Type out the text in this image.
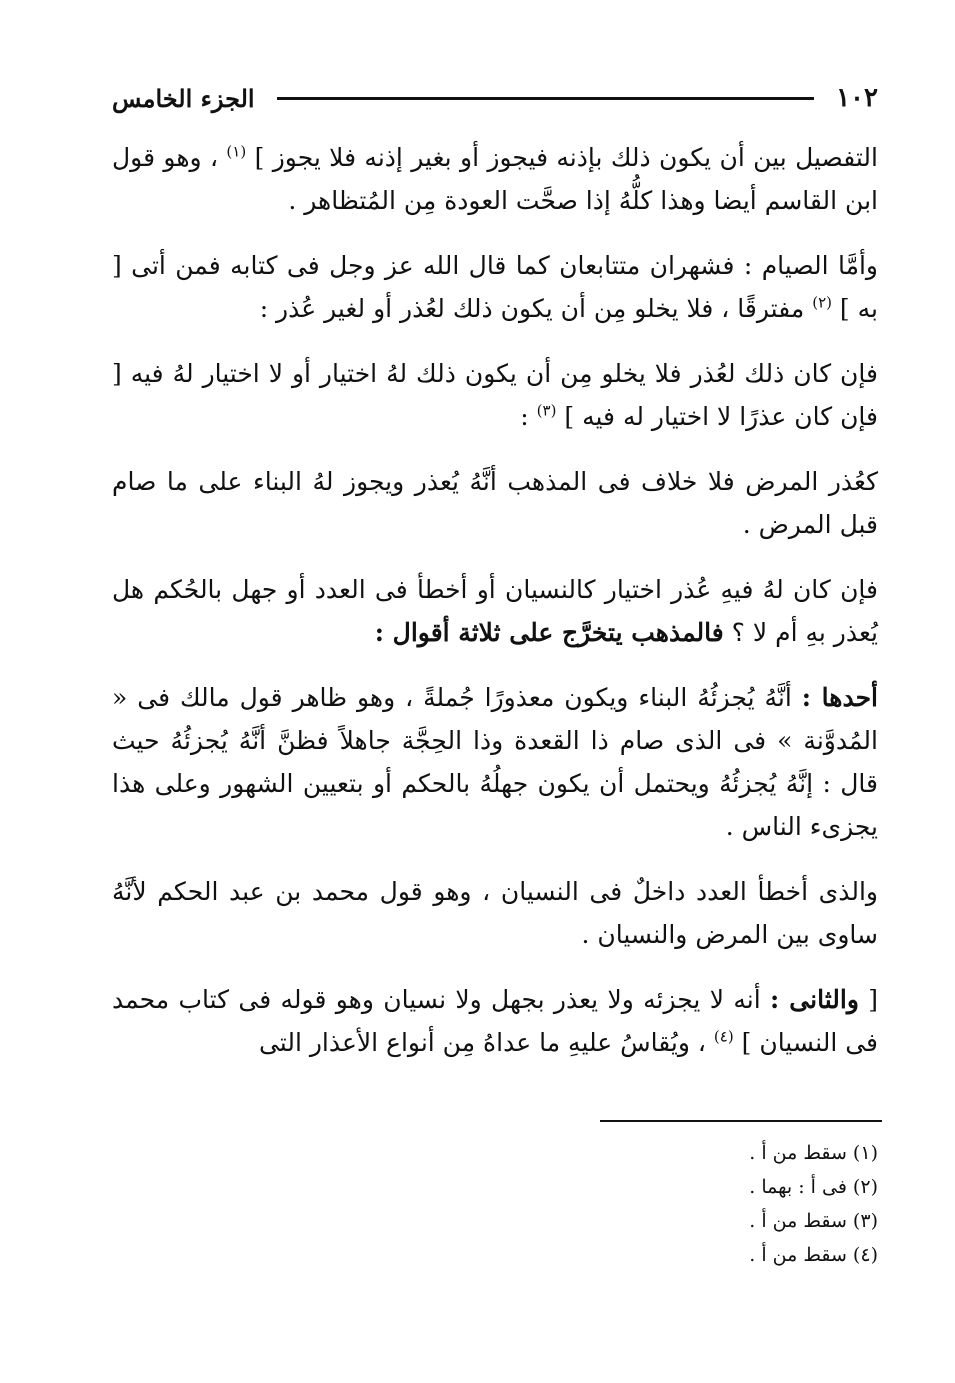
١٠٢
الجزء الخامس

التفصيل بين أن يكون ذلك بإذنه فيجوز أو بغير إذنه فلا يجوز ] $^{(١)}$ ، وهو قول ابن القاسم أيضا وهذا كلُّهُ إذا صحَّت العودة مِن المُتظاهر .

وأمَّا الصيام : فشهران متتابعان كما قال الله عز وجل فى كتابه فمن أتى [ به ] $^{(٢)}$ مفترقًا ، فلا يخلو مِن أن يكون ذلك لعُذر أو لغير عُذر :

فإن كان ذلك لعُذر فلا يخلو مِن أن يكون ذلك لهُ اختيار أو لا اختيار لهُ فيه [ فإن كان عذرًا لا اختيار له فيه ] $^{(٣)}$ :

كعُذر المرض فلا خلاف فى المذهب أنَّهُ يُعذر ويجوز لهُ البناء على ما صام قبل المرض .

فإن كان لهُ فيهِ عُذر اختيار كالنسيان أو أخطأ فى العدد أو جهل بالحُكم هل يُعذر بهِ أم لا ؟ فالمذهب يتخرَّج على ثلاثة أقوال :

أحدها : أنَّهُ يُجزئُهُ البناء ويكون معذورًا جُملةً ، وهو ظاهر قول مالك فى « المُدوَّنة » فى الذى صام ذا القعدة وذا الحِجَّة جاهلاً فظنَّ أنَّهُ يُجزئُهُ حيث قال : إنَّهُ يُجزئُهُ ويحتمل أن يكون جهلُهُ بالحكم أو بتعيين الشهور وعلى هذا يجزىء الناس .

والذى أخطأ العدد داخلٌ فى النسيان ، وهو قول محمد بن عبد الحكم لأنَّهُ ساوى بين المرض والنسيان .

[ والثانى : أنه لا يجزئه ولا يعذر بجهل ولا نسيان وهو قوله فى كتاب محمد فى النسيان ] $^{(٤)}$ ، ويُقاسُ عليهِ ما عداهُ مِن أنواع الأعذار التى

(١) سقط من أ .
(٢) فى أ : بهما .
(٣) سقط من أ .
(٤) سقط من أ .
